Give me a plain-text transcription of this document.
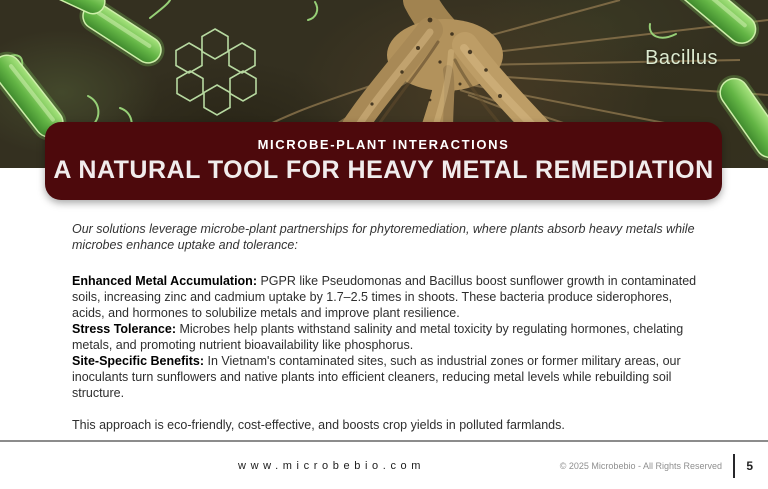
Bacillus
MICROBE-PLANT INTERACTIONS
A NATURAL TOOL FOR HEAVY METAL REMEDIATION

Our solutions leverage microbe-plant partnerships for phytoremediation, where plants absorb heavy metals while microbes enhance uptake and tolerance:

Enhanced Metal Accumulation: PGPR like Pseudomonas and Bacillus boost sunflower growth in contaminated soils, increasing zinc and cadmium uptake by 1.7–2.5 times in shoots. These bacteria produce siderophores, acids, and hormones to solubilize metals and improve plant resilience.

Stress Tolerance: Microbes help plants withstand salinity and metal toxicity by regulating hormones, chelating metals, and promoting nutrient bioavailability like phosphorus.

Site-Specific Benefits: In Vietnam's contaminated sites, such as industrial zones or former military areas, our inoculants turn sunflowers and native plants into efficient cleaners, reducing metal levels while rebuilding soil structure.

This approach is eco-friendly, cost-effective, and boosts crop yields in polluted farmlands.

www.microbebio.com	© 2025 Microbebio - All Rights Reserved 5
